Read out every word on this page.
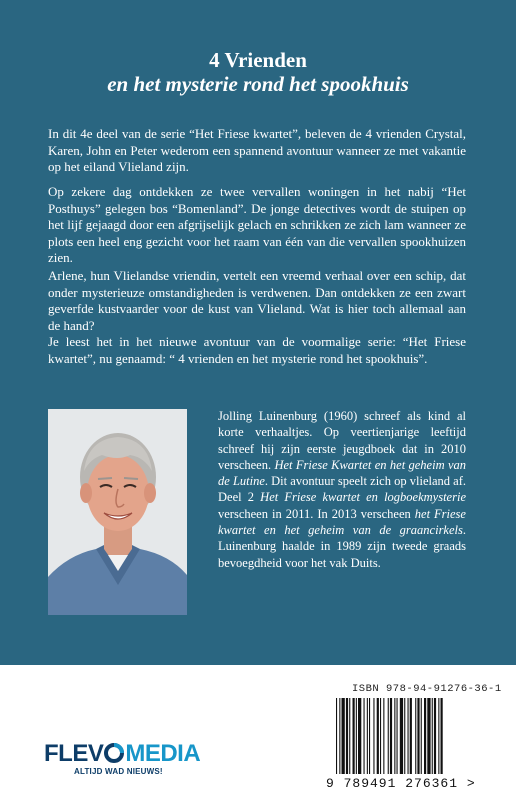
4 Vrienden
en het mysterie rond het spookhuis
In dit 4e deel van de serie “Het Friese kwartet”, beleven de 4 vrienden Crystal, Karen, John en Peter wederom een spannend avontuur wanneer ze met vakantie op het eiland Vlieland zijn.
Op zekere dag ontdekken ze twee vervallen woningen in het nabij “Het Posthuys” gelegen bos “Bomenland”. De jonge detectives wordt de stuipen op het lijf gejaagd door een afgrijselijk gelach en schrikken ze zich lam wanneer ze plots een heel eng gezicht voor het raam van één van die vervallen spookhuizen zien.
Arlene, hun Vlielandse vriendin, vertelt een vreemd verhaal over een schip, dat onder mysterieuze omstandigheden is verdwenen. Dan ontdekken ze een zwart geverfde kustvaarder voor de kust van Vlieland. Wat is hier toch allemaal aan de hand?
Je leest het in het nieuwe avontuur van de voormalige serie: “Het Friese kwartet”, nu genaamd: “ 4 vrienden en het mysterie rond het spookhuis”.
Jolling Luinenburg (1960) schreef als kind al korte verhaaltjes. Op veertienjarige leeftijd schreef hij zijn eerste jeugdboek dat in 2010 verscheen. Het Friese Kwartet en het geheim van de Lutine. Dit avontuur speelt zich op vlieland af. Deel 2 Het Friese kwartet en logboekmysterie verscheen in 2011. In 2013 verscheen het Friese kwartet en het geheim van de graancirkels. Luinenburg haalde in 1989 zijn tweede graads bevoegdheid voor het vak Duits.
FLEV MEDIA
ALTIJD WAD NIEUWS!
ISBN 978-94-91276-36-1
9 789491 276361 >
